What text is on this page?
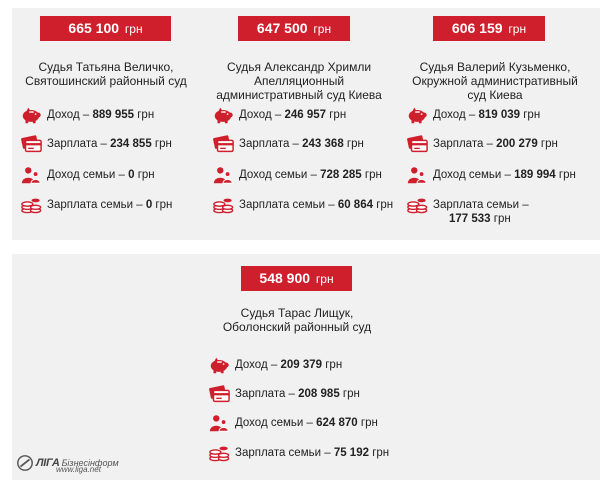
665 100 грн
Судья Татьяна Величко, Святошинский районный суд
Доход – 889 955 грн
Зарплата – 234 855 грн
Доход семьи – 0 грн
Зарплата семьи – 0 грн
647 500 грн
Судья Александр Хримли Апелляционный административный суд Киева
Доход – 246 957 грн
Зарплата – 243 368 грн
Доход семьи – 728 285 грн
Зарплата семьи – 60 864 грн
606 159 грн
Судья Валерий Кузьменко, Окружной административный суд Киева
Доход – 819 039 грн
Зарплата – 200 279 грн
Доход семьи – 189 994 грн
Зарплата семьи –
177 533 грн
548 900 грн
Судья Тарас Лищук, Оболонский районный суд
Доход – 209 379 грн
Зарплата – 208 985 грн
Доход семьи – 624 870 грн
Зарплата семьи – 75 192 грн
ЛІГА Бізнесінформ
www.liga.net
